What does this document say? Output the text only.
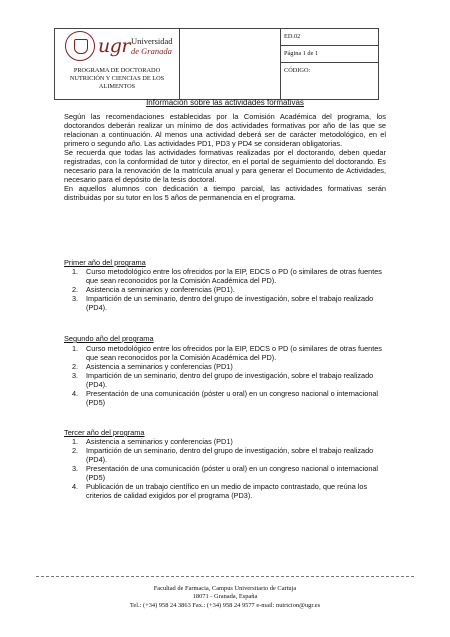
ugr Universidad
de Granada
PROGRAMA DE DOCTORADO NUTRICIÓN Y CIENCIAS DE LOS ALIMENTOS
		ED.02
Página 1 de 1
CÓDIGO:
Información sobre las actividades formativas

Según las recomendaciones establecidas por la Comisión Académica del programa, los doctorandos deberán realizar un mínimo de dos actividades formativas por año de las que se relacionan a continuación. Al menos una actividad deberá ser de carácter metodológico, en el primero o segundo año. Las actividades PD1, PD3 y PD4 se consideran obligatorias.

Se recuerda que todas las actividades formativas realizadas por el doctorando, deben quedar registradas, con la conformidad de tutor y director, en el portal de seguimiento del doctorando. Es necesario para la renovación de la matrícula anual y para generar el Documento de Actividades, necesario para el depósito de la tesis doctoral.

En aquellos alumnos con dedicación a tiempo parcial, las actividades formativas serán distribuidas por su tutor en los 5 años de permanencia en el programa.

Primer año del programa
1. Curso metodológico entre los ofrecidos por la EIP, EDCS o PD (o similares de otras fuentes que sean reconocidos por la Comisión Académica del PD).
2. Asistencia a seminarios y conferencias (PD1).
3. Impartición de un seminario, dentro del grupo de investigación, sobre el trabajo realizado (PD4).
Segundo año del programa
1. Curso metodológico entre los ofrecidos por la EIP, EDCS o PD (o similares de otras fuentes que sean reconocidos por la Comisión Académica del PD).
2. Asistencia a seminarios y conferencias (PD1)
3. Impartición de un seminario, dentro del grupo de investigación, sobre el trabajo realizado (PD4).
4. Presentación de una comunicación (póster u oral) en un congreso nacional o internacional (PD5)
Tercer año del programa
1. Asistencia a seminarios y conferencias (PD1)
2. Impartición de un seminario, dentro del grupo de investigación, sobre el trabajo realizado (PD4).
3. Presentación de una comunicación (póster u oral) en un congreso nacional o internacional (PD5)
4. Publicación de un trabajo científico en un medio de impacto contrastado, que reúna los criterios de calidad exigidos por el programa (PD3).
Facultad de Farmacia, Campus Universitario de Cartuja
18071 - Granada, España
Tel.: (+34) 958 24 3863 Fax.: (+34) 958 24 9577 e-mail: nutricion@ugr.es
